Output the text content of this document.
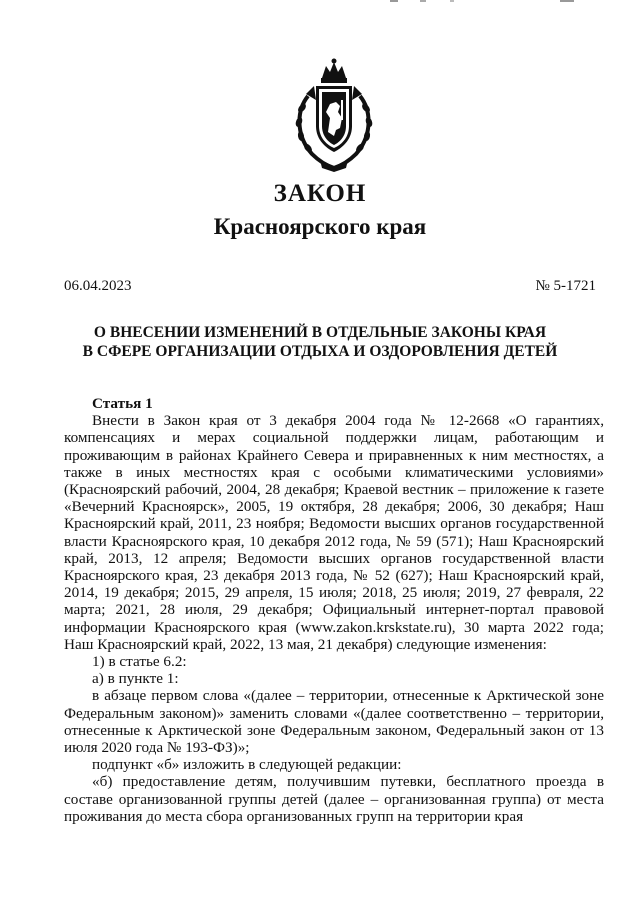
ЗАКОН
Красноярского края
06.04.2023	№ 5-1721
О ВНЕСЕНИИ ИЗМЕНЕНИЙ В ОТДЕЛЬНЫЕ ЗАКОНЫ КРАЯ
В СФЕРЕ ОРГАНИЗАЦИИ ОТДЫХА И ОЗДОРОВЛЕНИЯ ДЕТЕЙ

Статья 1

Внести в Закон края от 3 декабря 2004 года № 12-2668 «О гарантиях, компенсациях и мерах социальной поддержки лицам, работающим и проживающим в районах Крайнего Севера и приравненных к ним местностях, а также в иных местностях края с особыми климатическими условиями» (Красноярский рабочий, 2004, 28 декабря; Краевой вестник – приложение к газете «Вечерний Красноярск», 2005, 19 октября, 28 декабря; 2006, 30 декабря; Наш Красноярский край, 2011, 23 ноября; Ведомости высших органов государственной власти Красноярского края, 10 декабря 2012 года, № 59 (571); Наш Красноярский край, 2013, 12 апреля; Ведомости высших органов государственной власти Красноярского края, 23 декабря 2013 года, № 52 (627); Наш Красноярский край, 2014, 19 декабря; 2015, 29 апреля, 15 июля; 2018, 25 июля; 2019, 27 февраля, 22 марта; 2021, 28 июля, 29 декабря; Официальный интернет-портал правовой информации Красноярского края (www.zakon.krskstate.ru), 30 марта 2022 года; Наш Красноярский край, 2022, 13 мая, 21 декабря) следующие изменения:

1) в статье 6.2:

а) в пункте 1:

в абзаце первом слова «(далее – территории, отнесенные к Арктической зоне Федеральным законом)» заменить словами «(далее соответственно – территории, отнесенные к Арктической зоне Федеральным законом, Федеральный закон от 13 июля 2020 года № 193-ФЗ)»;

подпункт «б» изложить в следующей редакции:

«б) предоставление детям, получившим путевки, бесплатного проезда в составе организованной группы детей (далее – организованная группа) от места проживания до места сбора организованных групп на территории края
